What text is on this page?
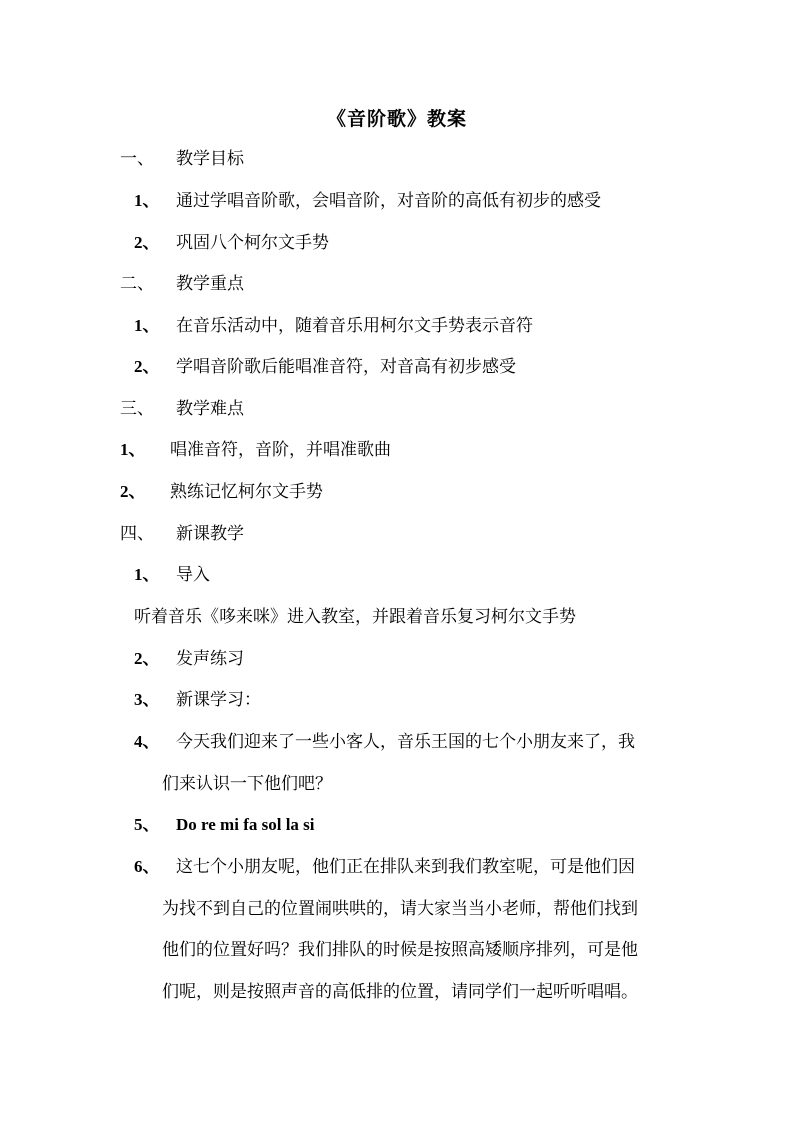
《音阶歌》教案
一、 教学目标
1、 通过学唱音阶歌，会唱音阶，对音阶的高低有初步的感受
2、 巩固八个柯尔文手势
二、 教学重点
1、 在音乐活动中，随着音乐用柯尔文手势表示音符
2、 学唱音阶歌后能唱准音符，对音高有初步感受
三、 教学难点
1、 唱准音符，音阶，并唱准歌曲
2、 熟练记忆柯尔文手势
四、 新课教学
1、 导入
听着音乐《哆来咪》进入教室，并跟着音乐复习柯尔文手势
2、 发声练习
3、 新课学习：
4、 今天我们迎来了一些小客人，音乐王国的七个小朋友来了，我
们来认识一下他们吧？
5、 Do re mi fa sol la si
6、 这七个小朋友呢，他们正在排队来到我们教室呢，可是他们因
为找不到自己的位置闹哄哄的，请大家当当小老师，帮他们找到
他们的位置好吗？我们排队的时候是按照高矮顺序排列，可是他
们呢，则是按照声音的高低排的位置，请同学们一起听听唱唱。
